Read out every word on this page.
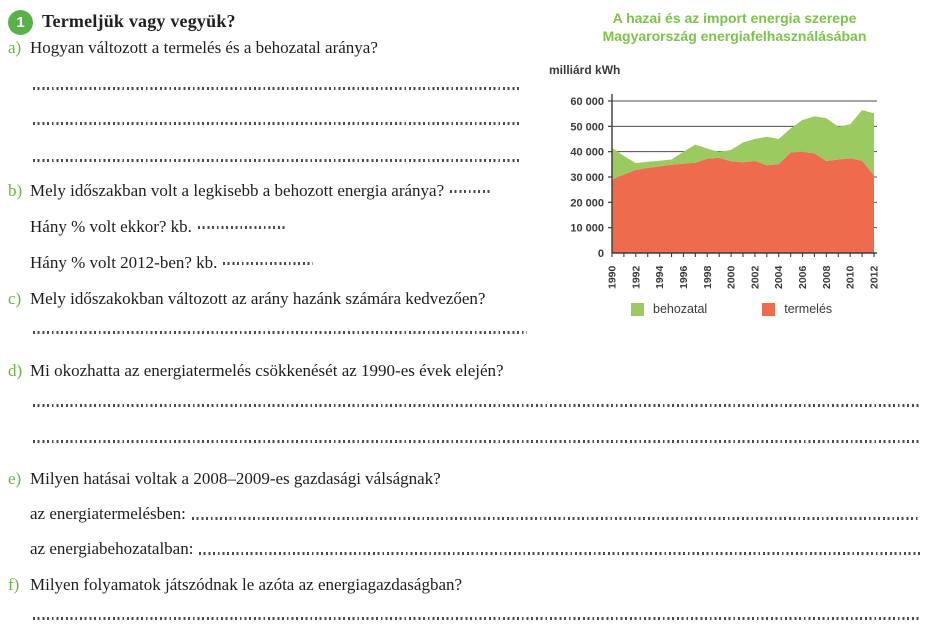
1 Termeljük vagy vegyük?
a) Hogyan változott a termelés és a behozatal aránya?
b) Mely időszakban volt a legkisebb a behozott energia aránya?
Hány % volt ekkor? kb.
Hány % volt 2012-ben? kb.
c) Mely időszakokban változott az arány hazánk számára kedvezően?
d) Mi okozhatta az energiatermelés csökkenését az 1990-es évek elején?
e) Milyen hatásai voltak a 2008–2009-es gazdasági válságnak?
az energiatermelésben:
az energiabehozatalban:
f) Milyen folyamatok játszódnak le azóta az energiagazdaságban?
A hazai és az import energia szerepe
Magyarország energiafelhasználásában
milliárd kWh
0
10 000
20 000
30 000
40 000
50 000
60 000
1990 1992 1994 1996 1998 2000 2002 2004 2006 2008 2010 2012
behozatal	termelés
